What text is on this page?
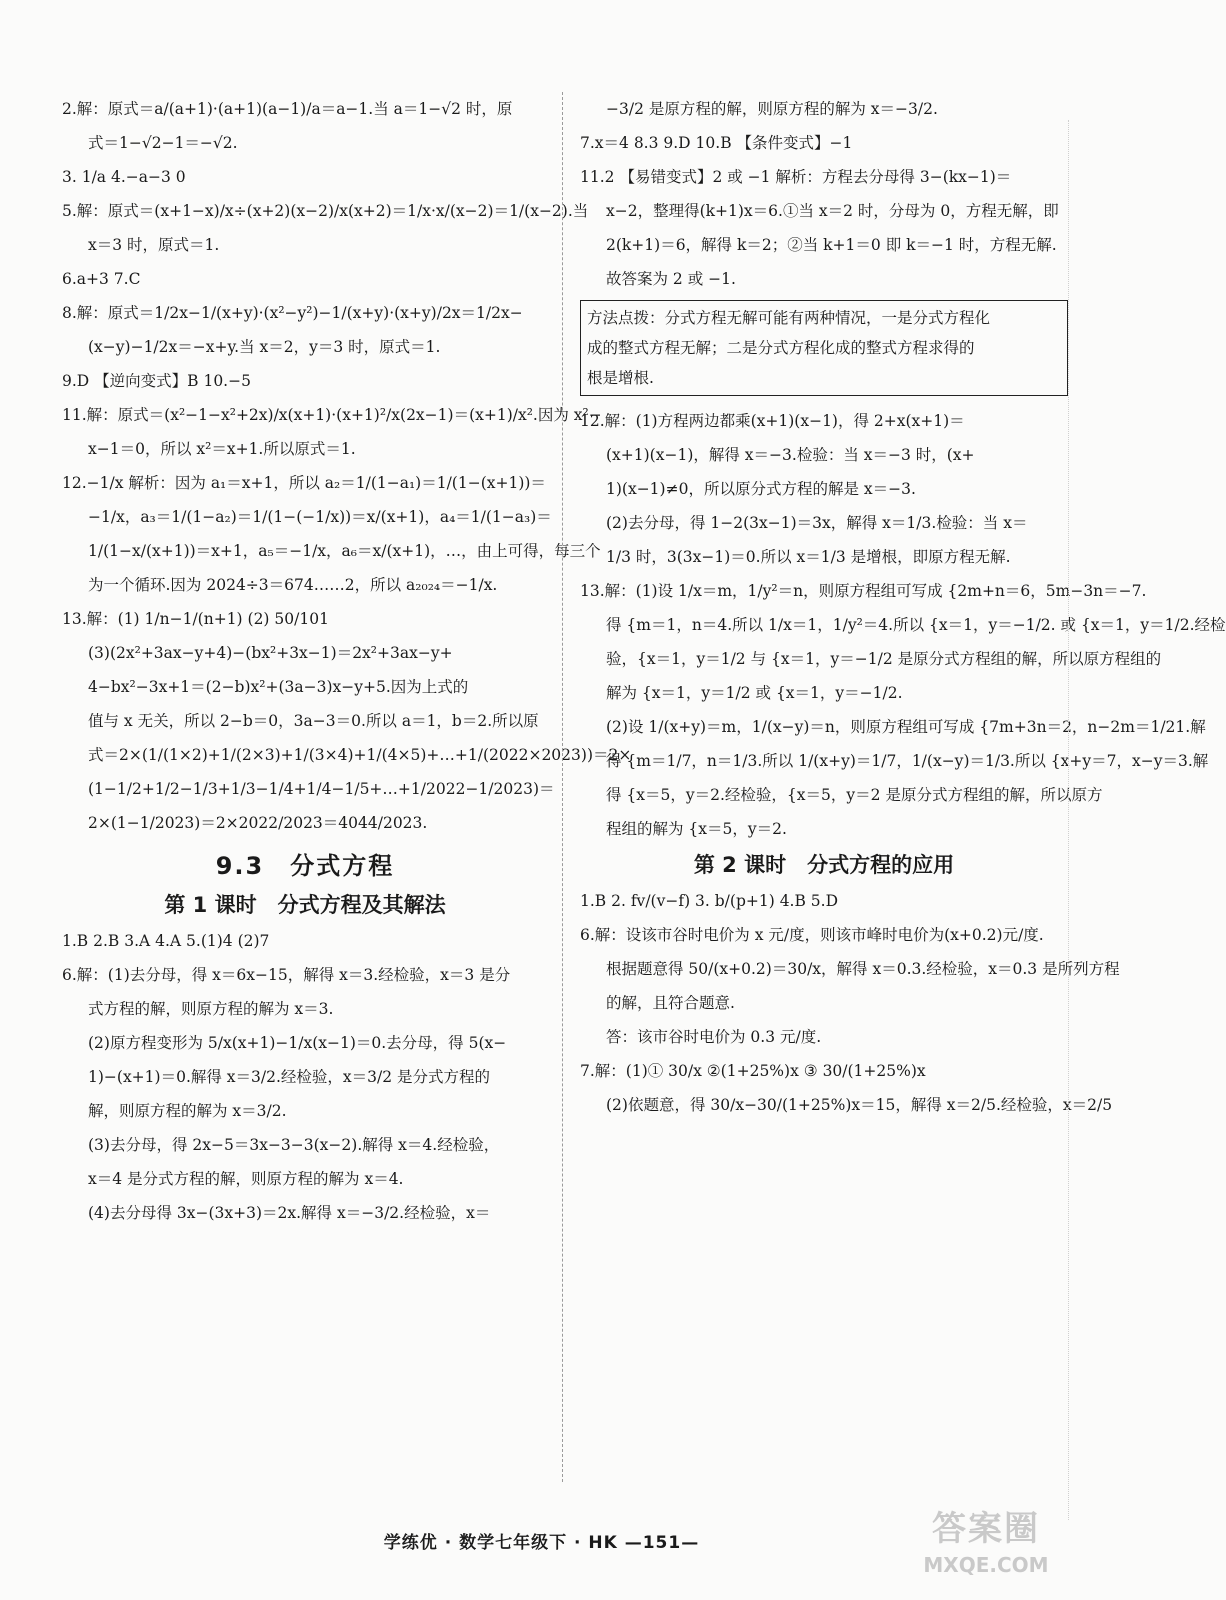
2.解：原式＝a/(a+1)·(a+1)(a−1)/a＝a−1.当 a＝1−√2 时，原
式＝1−√2−1＝−√2.
3. 1/a 4.−a−3 0
5.解：原式＝(x+1−x)/x÷(x+2)(x−2)/x(x+2)＝1/x·x/(x−2)＝1/(x−2).当
x＝3 时，原式＝1.
6.a+3 7.C
8.解：原式＝1/2x−1/(x+y)·(x²−y²)−1/(x+y)·(x+y)/2x＝1/2x−
(x−y)−1/2x＝−x+y.当 x＝2，y＝3 时，原式＝1.
9.D 【逆向变式】B 10.−5
11.解：原式＝(x²−1−x²+2x)/x(x+1)·(x+1)²/x(2x−1)＝(x+1)/x².因为 x²−
x−1＝0，所以 x²＝x+1.所以原式＝1.
12.−1/x 解析：因为 a₁＝x+1，所以 a₂＝1/(1−a₁)＝1/(1−(x+1))＝
−1/x，a₃＝1/(1−a₂)＝1/(1−(−1/x))＝x/(x+1)，a₄＝1/(1−a₃)＝
1/(1−x/(x+1))＝x+1，a₅＝−1/x，a₆＝x/(x+1)，…，由上可得，每三个
为一个循环.因为 2024÷3＝674……2，所以 a₂₀₂₄＝−1/x.
13.解：(1) 1/n−1/(n+1) (2) 50/101
(3)(2x²+3ax−y+4)−(bx²+3x−1)＝2x²+3ax−y+
4−bx²−3x+1＝(2−b)x²+(3a−3)x−y+5.因为上式的
值与 x 无关，所以 2−b＝0，3a−3＝0.所以 a＝1，b＝2.所以原
式＝2×(1/(1×2)+1/(2×3)+1/(3×4)+1/(4×5)+…+1/(2022×2023))＝2×
(1−1/2+1/2−1/3+1/3−1/4+1/4−1/5+…+1/2022−1/2023)＝
2×(1−1/2023)＝2×2022/2023＝4044/2023.
9.3　分式方程
第 1 课时　分式方程及其解法
1.B 2.B 3.A 4.A 5.(1)4 (2)7
6.解：(1)去分母，得 x＝6x−15，解得 x＝3.经检验，x＝3 是分
式方程的解，则原方程的解为 x＝3.
(2)原方程变形为 5/x(x+1)−1/x(x−1)＝0.去分母，得 5(x−
1)−(x+1)＝0.解得 x＝3/2.经检验，x＝3/2 是分式方程的
解，则原方程的解为 x＝3/2.
(3)去分母，得 2x−5＝3x−3−3(x−2).解得 x＝4.经检验，
x＝4 是分式方程的解，则原方程的解为 x＝4.
(4)去分母得 3x−(3x+3)＝2x.解得 x＝−3/2.经检验，x＝
−3/2 是原方程的解，则原方程的解为 x＝−3/2.
7.x＝4 8.3 9.D 10.B 【条件变式】−1
11.2 【易错变式】2 或 −1 解析：方程去分母得 3−(kx−1)＝
x−2，整理得(k+1)x＝6.①当 x＝2 时，分母为 0，方程无解，即
2(k+1)＝6，解得 k＝2；②当 k+1＝0 即 k＝−1 时，方程无解.
故答案为 2 或 −1.
方法点拨：分式方程无解可能有两种情况，一是分式方程化
成的整式方程无解；二是分式方程化成的整式方程求得的
根是增根.
12.解：(1)方程两边都乘(x+1)(x−1)，得 2+x(x+1)＝
(x+1)(x−1)，解得 x＝−3.检验：当 x＝−3 时，(x+
1)(x−1)≠0，所以原分式方程的解是 x＝−3.
(2)去分母，得 1−2(3x−1)＝3x，解得 x＝1/3.检验：当 x＝
1/3 时，3(3x−1)＝0.所以 x＝1/3 是增根，即原方程无解.
13.解：(1)设 1/x＝m，1/y²＝n，则原方程组可写成 {2m+n＝6，5m−3n＝−7.
得 {m＝1，n＝4.所以 1/x＝1，1/y²＝4.所以 {x＝1，y＝−1/2. 或 {x＝1，y＝1/2.经检
验，{x＝1，y＝1/2 与 {x＝1，y＝−1/2 是原分式方程组的解，所以原方程组的
解为 {x＝1，y＝1/2 或 {x＝1，y＝−1/2.
(2)设 1/(x+y)＝m，1/(x−y)＝n，则原方程组可写成 {7m+3n＝2，n−2m＝1/21.解
得 {m＝1/7，n＝1/3.所以 1/(x+y)＝1/7，1/(x−y)＝1/3.所以 {x+y＝7，x−y＝3.解
得 {x＝5，y＝2.经检验，{x＝5，y＝2 是原分式方程组的解，所以原方
程组的解为 {x＝5，y＝2.
第 2 课时　分式方程的应用
1.B 2. fv/(v−f) 3. b/(p+1) 4.B 5.D
6.解：设该市谷时电价为 x 元/度，则该市峰时电价为(x+0.2)元/度.
根据题意得 50/(x+0.2)＝30/x，解得 x＝0.3.经检验，x＝0.3 是所列方程
的解，且符合题意.
答：该市谷时电价为 0.3 元/度.
7.解：(1)① 30/x ②(1+25%)x ③ 30/(1+25%)x
(2)依题意，得 30/x−30/(1+25%)x＝15，解得 x＝2/5.经检验，x＝2/5
学练优 · 数学七年级下 · HK —151—	答案圈
MXQE.COM
